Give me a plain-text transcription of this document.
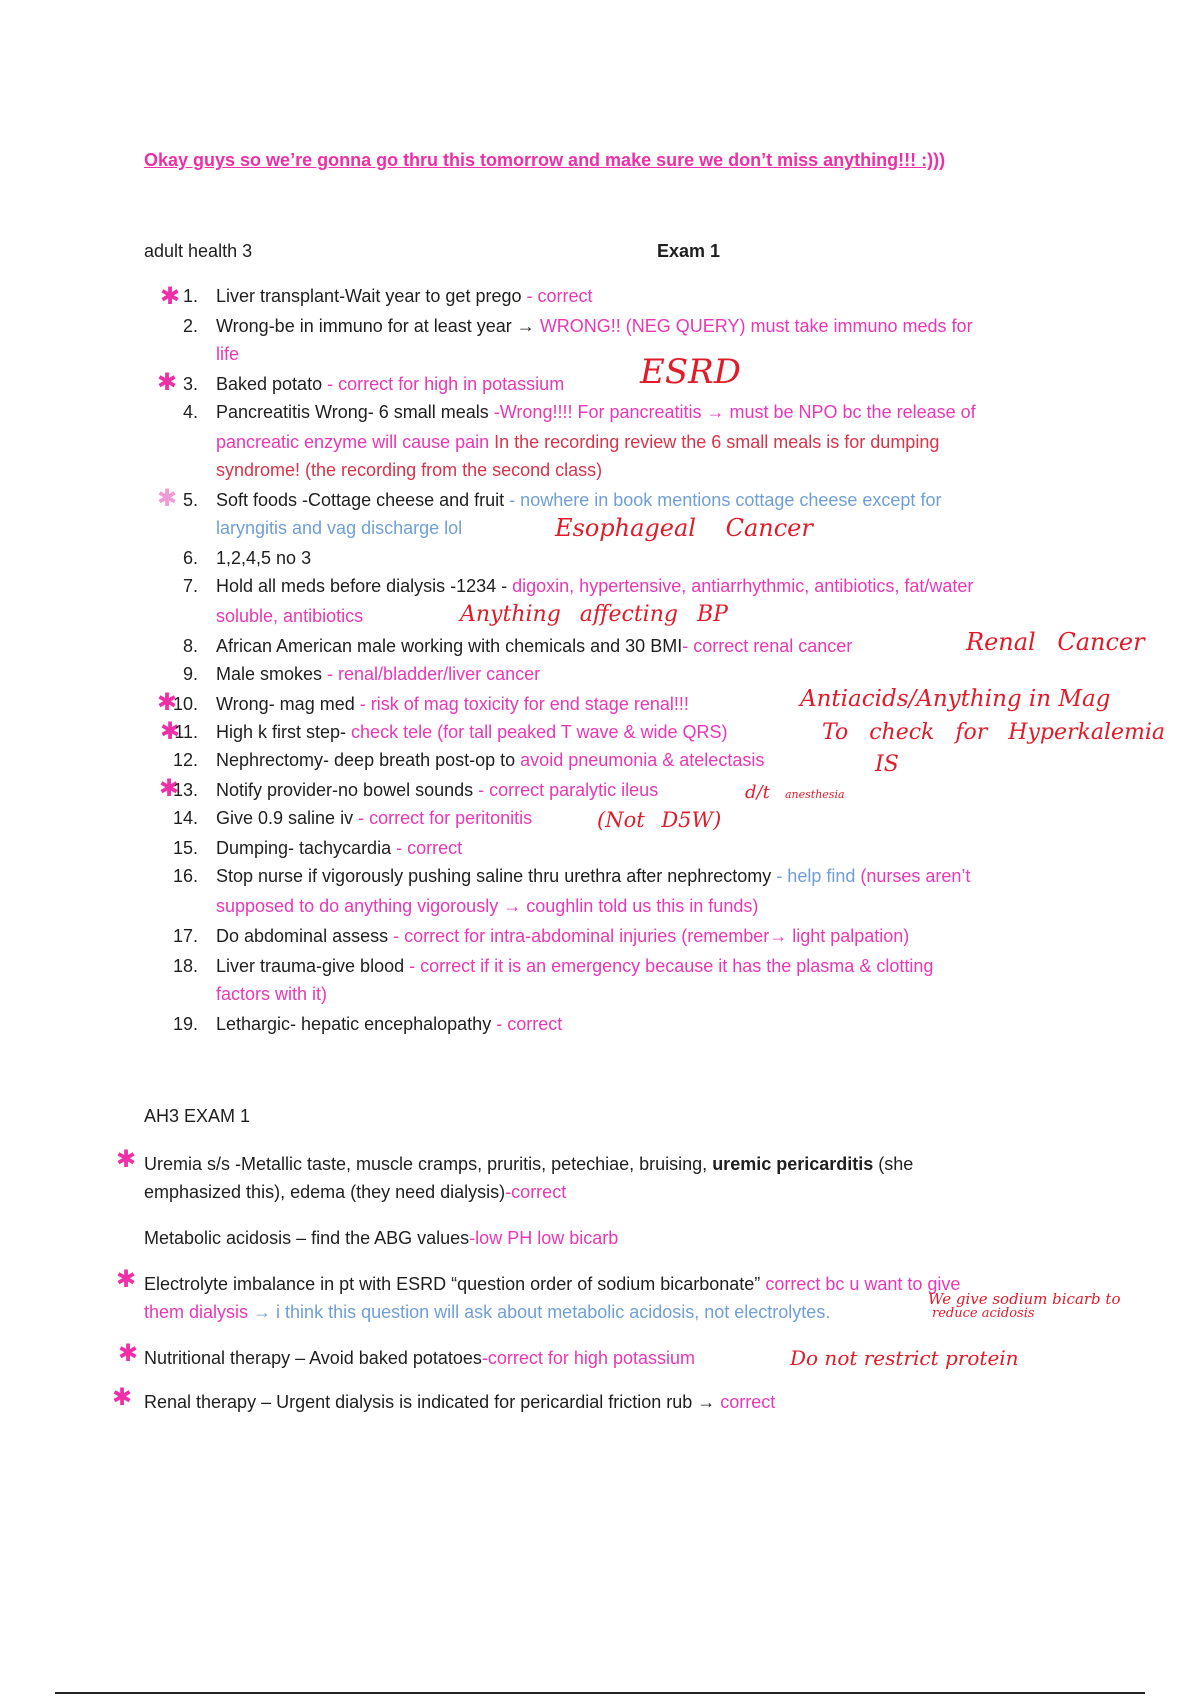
Okay guys so we’re gonna go thru this tomorrow and make sure we don’t miss anything!!! :)))
adult health 3	Exam 1
✱ 1. Liver transplant-Wait year to get prego - correct
2. Wrong-be in immuno for at least year → WRONG!! (NEG QUERY) must take immuno meds for
life
✱ 3. Baked potato - correct for high in potassium ESRD
4. Pancreatitis Wrong- 6 small meals -Wrong!!!! For pancreatitis → must be NPO bc the release of
pancreatic enzyme will cause pain In the recording review the 6 small meals is for dumping
syndrome! (the recording from the second class)
✱ 5. Soft foods -Cottage cheese and fruit - nowhere in book mentions cottage cheese except for
laryngitis and vag discharge lol	Esophageal Cancer
6. 1,2,4,5 no 3
7. Hold all meds before dialysis -1234 - digoxin, hypertensive, antiarrhythmic, antibiotics, fat/water
soluble, antibiotics	Anything affecting BP
8. African American male working with chemicals and 30 BMI- correct renal cancer	Renal Cancer
9. Male smokes - renal/bladder/liver cancer
✱
10. Wrong- mag med - risk of mag toxicity for end stage renal!!!	Antiacids/Anything in Mag
✱
11. High k first step- check tele (for tall peaked T wave & wide QRS)	To check for Hyperkalemia
12. Nephrectomy- deep breath post-op to avoid pneumonia & atelectasis	IS
✱
13. Notify provider-no bowel sounds - correct paralytic ileus	d/t anesthesia
14. Give 0.9 saline iv - correct for peritonitis	(Not D5W)
15. Dumping- tachycardia - correct
16. Stop nurse if vigorously pushing saline thru urethra after nephrectomy - help find (nurses aren’t
supposed to do anything vigorously → coughlin told us this in funds)
17. Do abdominal assess - correct for intra-abdominal injuries (remember→ light palpation)
18. Liver trauma-give blood - correct if it is an emergency because it has the plasma & clotting
factors with it)
19. Lethargic- hepatic encephalopathy - correct
AH3 EXAM 1
✱ Uremia s/s -Metallic taste, muscle cramps, pruritis, petechiae, bruising, uremic pericarditis (she
emphasized this), edema (they need dialysis)-correct
Metabolic acidosis – find the ABG values-low PH low bicarb
✱ Electrolyte imbalance in pt with ESRD “question order of sodium bicarbonate” correct bc u want to give
them dialysis → i think this question will ask about metabolic acidosis, not electrolytes.
We give sodium bicarb to
reduce acidosis
✱ Nutritional therapy – Avoid baked potatoes-correct for high potassium	Do not restrict protein
✱ Renal therapy – Urgent dialysis is indicated for pericardial friction rub → correct
